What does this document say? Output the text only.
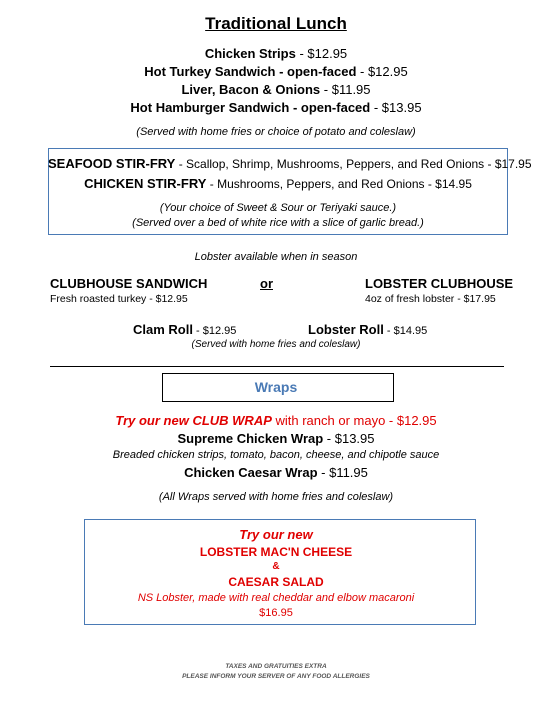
Traditional Lunch
Chicken Strips - $12.95
Hot Turkey Sandwich - open-faced - $12.95
Liver, Bacon & Onions - $11.95
Hot Hamburger Sandwich - open-faced - $13.95
(Served with home fries or choice of potato and coleslaw)
SEAFOOD STIR-FRY - Scallop, Shrimp, Mushrooms, Peppers, and Red Onions - $17.95
CHICKEN STIR-FRY - Mushrooms, Peppers, and Red Onions - $14.95
(Your choice of Sweet & Sour or Teriyaki sauce.)
(Served over a bed of white rice with a slice of garlic bread.)
Lobster available when in season
CLUBHOUSE SANDWICH
Fresh roasted turkey - $12.95
or	LOBSTER CLUBHOUSE
4oz of fresh lobster - $17.95
Clam Roll - $12.95	Lobster Roll - $14.95
(Served with home fries and coleslaw)
Wraps
Try our new CLUB WRAP with ranch or mayo - $12.95
Supreme Chicken Wrap - $13.95
Breaded chicken strips, tomato, bacon, cheese, and chipotle sauce
Chicken Caesar Wrap - $11.95
(All Wraps served with home fries and coleslaw)
Try our new
LOBSTER MAC'N CHEESE
&
CAESAR SALAD
NS Lobster, made with real cheddar and elbow macaroni
$16.95
TAXES AND GRATUITIES EXTRA
PLEASE INFORM YOUR SERVER OF ANY FOOD ALLERGIES
